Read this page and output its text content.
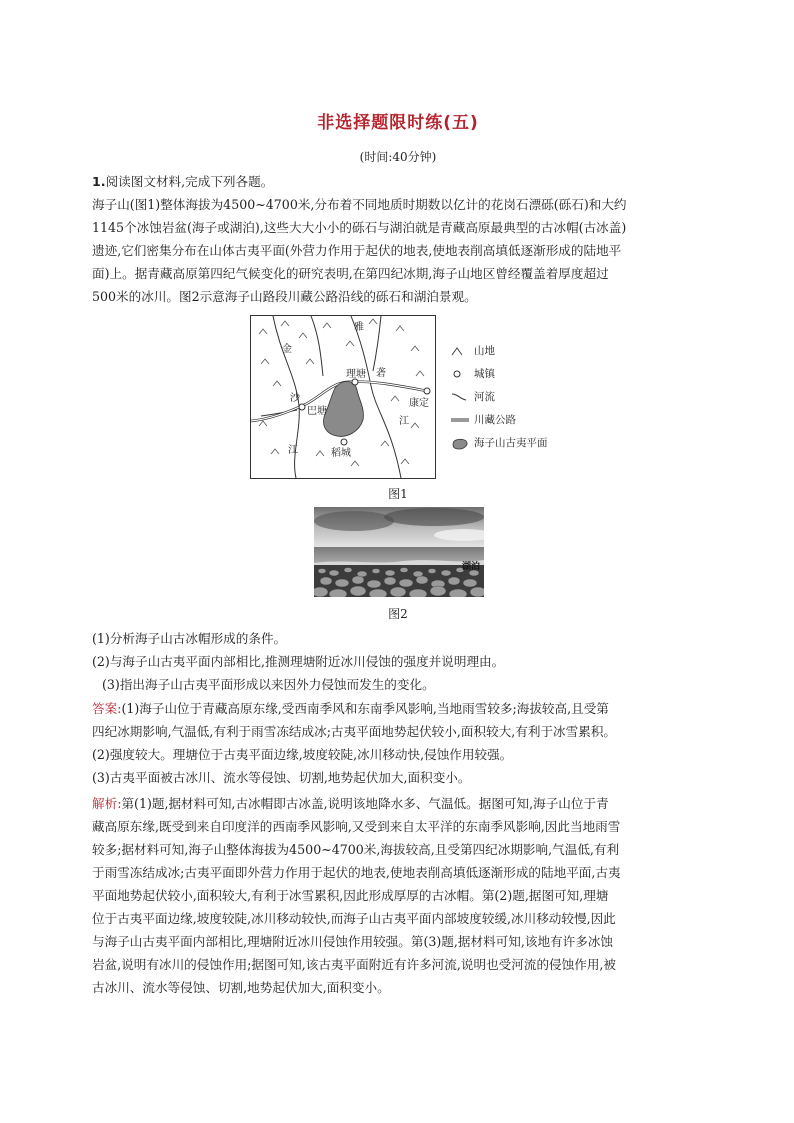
非选择题限时练(五)
(时间:40分钟)
1.阅读图文材料,完成下列各题。
海子山(图1)整体海拔为4500~4700米,分布着不同地质时期数以亿计的花岗石漂砾(砾石)和大约
1145个冰蚀岩盆(海子或湖泊),这些大大小小的砾石与湖泊就是青藏高原最典型的古冰帽(古冰盖)
遗迹,它们密集分布在山体古夷平面(外营力作用于起伏的地表,使地表削高填低逐渐形成的陆地平
面)上。据青藏高原第四纪气候变化的研究表明,在第四纪冰期,海子山地区曾经覆盖着厚度超过
500米的冰川。图2示意海子山路段川藏公路沿线的砾石和湖泊景观。
金
沙
江
雅
砻
江
理塘
巴塘
康定
稻城
山地
城镇
河流
川藏公路
海子山古夷平面
图1
湖泊
图2
(1)分析海子山古冰帽形成的条件。
(2)与海子山古夷平面内部相比,推测理塘附近冰川侵蚀的强度并说明理由。
(3)指出海子山古夷平面形成以来因外力侵蚀而发生的变化。
答案:(1)海子山位于青藏高原东缘,受西南季风和东南季风影响,当地雨雪较多;海拔较高,且受第
四纪冰期影响,气温低,有利于雨雪冻结成冰;古夷平面地势起伏较小,面积较大,有利于冰雪累积。
(2)强度较大。理塘位于古夷平面边缘,坡度较陡,冰川移动快,侵蚀作用较强。
(3)古夷平面被古冰川、流水等侵蚀、切割,地势起伏加大,面积变小。
解析:第(1)题,据材料可知,古冰帽即古冰盖,说明该地降水多、气温低。据图可知,海子山位于青
藏高原东缘,既受到来自印度洋的西南季风影响,又受到来自太平洋的东南季风影响,因此当地雨雪
较多;据材料可知,海子山整体海拔为4500~4700米,海拔较高,且受第四纪冰期影响,气温低,有利
于雨雪冻结成冰;古夷平面即外营力作用于起伏的地表,使地表削高填低逐渐形成的陆地平面,古夷
平面地势起伏较小,面积较大,有利于冰雪累积,因此形成厚厚的古冰帽。第(2)题,据图可知,理塘
位于古夷平面边缘,坡度较陡,冰川移动较快,而海子山古夷平面内部坡度较缓,冰川移动较慢,因此
与海子山古夷平面内部相比,理塘附近冰川侵蚀作用较强。第(3)题,据材料可知,该地有许多冰蚀
岩盆,说明有冰川的侵蚀作用;据图可知,该古夷平面附近有许多河流,说明也受河流的侵蚀作用,被
古冰川、流水等侵蚀、切割,地势起伏加大,面积变小。
